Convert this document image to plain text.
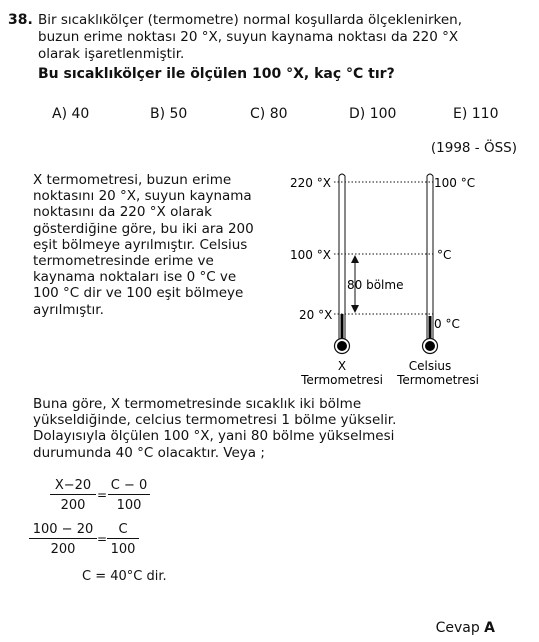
38. Bir sıcaklıkölçer (termometre) normal koşullarda ölçeklenirken,
buzun erime noktası 20 °X, suyun kaynama noktası da 220 °X
olarak işaretlenmiştir.
Bu sıcaklıkölçer ile ölçülen 100 °X, kaç °C tır?
A) 40	B) 50	C) 80	D) 100	E) 110
(1998 - ÖSS)
X termometresi, buzun erime
noktasını 20 °X, suyun kaynama
noktasını da 220 °X olarak
gösterdiğine göre, bu iki ara 200
eşit bölmeye ayrılmıştır. Celsius
termometresinde erime ve
kaynama noktaları ise 0 °C ve
100 °C dir ve 100 eşit bölmeye
ayrılmıştır.
220 °X
100 °X
20 °X
100 °C
°C
0 °C
80 bölme
X
Termometresi
Celsius
Termometresi
Buna göre, X termometresinde sıcaklık iki bölme
yükseldiğinde, celcius termometresi 1 bölme yükselir.
Dolayısıyla ölçülen 100 °X, yani 80 bölme yükselmesi
durumunda 40 °C olacaktır. Veya ;
$\frac{X-20}{200} = \frac{C - 0}{100}$
$\frac{100 - 20}{200} = \frac{C}{100}$
C = 40°C dir.
Cevap A
